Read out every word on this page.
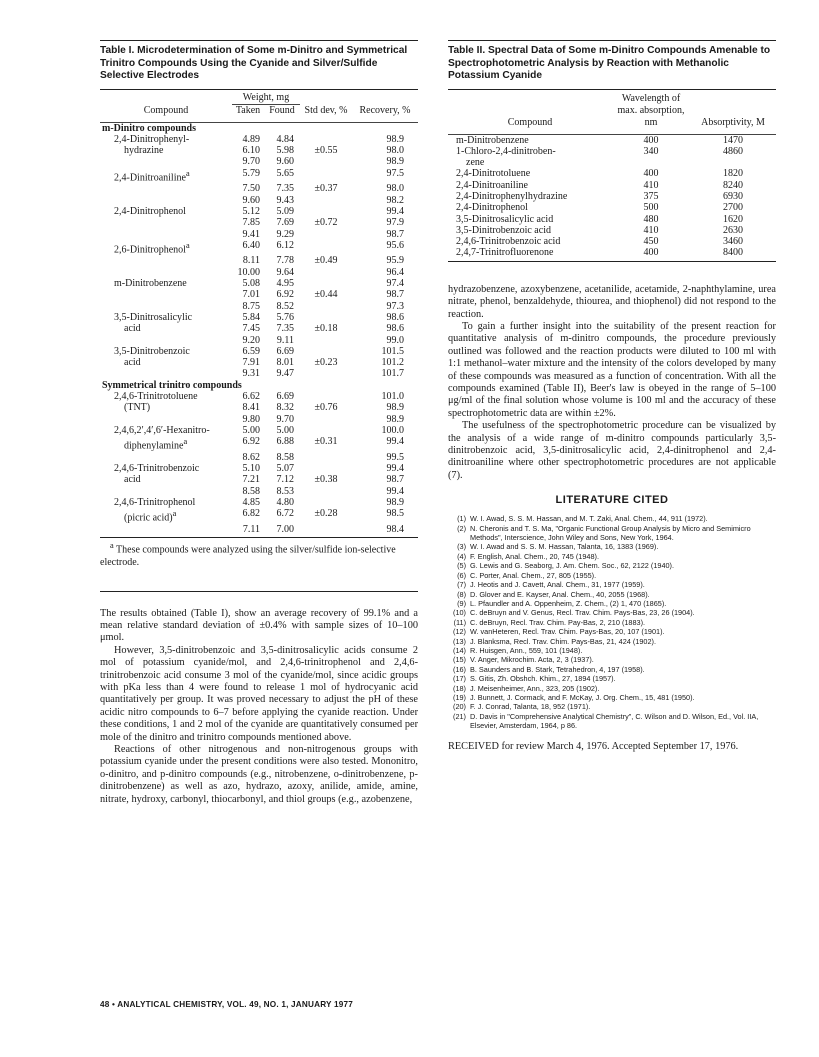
Table I. Microdetermination of Some m-Dinitro and Symmetrical Trinitro Compounds Using the Cyanide and Silver/Sulfide Selective Electrodes
	Weight, mg			
Compound	Taken	Found	Std dev, %	Recovery, %

m-Dinitro compounds				
2,4-Dinitrophenyl-	4.89	4.84		98.9
hydrazine	6.10	5.98	±0.55	98.0
	9.70	9.60		98.9
2,4-Dinitroaniline$^a$	5.79	5.65		97.5
	7.50	7.35	±0.37	98.0
	9.60	9.43		98.2
2,4-Dinitrophenol	5.12	5.09		99.4
	7.85	7.69	±0.72	97.9
	9.41	9.29		98.7
2,6-Dinitrophenol$^a$	6.40	6.12		95.6
	8.11	7.78	±0.49	95.9
	10.00	9.64		96.4
m-Dinitrobenzene	5.08	4.95		97.4
	7.01	6.92	±0.44	98.7
	8.75	8.52		97.3
3,5-Dinitrosalicylic	5.84	5.76		98.6
acid	7.45	7.35	±0.18	98.6
	9.20	9.11		99.0
3,5-Dinitrobenzoic	6.59	6.69		101.5
acid	7.91	8.01	±0.23	101.2
	9.31	9.47		101.7
Symmetrical trinitro compounds				
2,4,6-Trinitrotoluene	6.62	6.69		101.0
(TNT)	8.41	8.32	±0.76	98.9
	9.80	9.70		98.9
2,4,6,2′,4′,6′-Hexanitro-	5.00	5.00		100.0
diphenylamine$^a$	6.92	6.88	±0.31	99.4
	8.62	8.58		99.5
2,4,6-Trinitrobenzoic	5.10	5.07		99.4
acid	7.21	7.12	±0.38	98.7
	8.58	8.53		99.4
2,4,6-Trinitrophenol	4.85	4.80		98.9
(picric acid)$^a$	6.82	6.72	±0.28	98.5
	7.11	7.00		98.4
$^a$ These compounds were analyzed using the silver/sulfide ion-selective electrode.

The results obtained (Table I), show an average recovery of 99.1% and a mean relative standard deviation of ±0.4% with sample sizes of 10–100 μmol.

However, 3,5-dinitrobenzoic and 3,5-dinitrosalicylic acids consume 2 mol of potassium cyanide/mol, and 2,4,6-trinitrophenol and 2,4,6-trinitrobenzoic acid consume 3 mol of the cyanide/mol, since acidic groups with pKa less than 4 were found to release 1 mol of hydrocyanic acid quantitatively per group. It was proved necessary to adjust the pH of these acidic nitro compounds to 6–7 before applying the cyanide reaction. Under these conditions, 1 and 2 mol of the cyanide are quantitatively consumed per mole of the dinitro and trinitro compounds mentioned above.

Reactions of other nitrogenous and non-nitrogenous groups with potassium cyanide under the present conditions were also tested. Mononitro, o-dinitro, and p-dinitro compounds (e.g., nitrobenzene, o-dinitrobenzene, p-dinitrobenzene) as well as azo, hydrazo, azoxy, anilide, amide, amine, nitrate, hydroxy, carbonyl, thiocarbonyl, and thiol groups (e.g., azobenzene,

Table II. Spectral Data of Some m-Dinitro Compounds Amenable to Spectrophotometric Analysis by Reaction with Methanolic Potassium Cyanide
Compound	Wavelength of max. absorption, nm	Absorptivity, M

m-Dinitrobenzene	400	1470
1-Chloro-2,4-dinitroben-	340	4860
zene		
2,4-Dinitrotoluene	400	1820
2,4-Dinitroaniline	410	8240
2,4-Dinitrophenylhydrazine	375	6930
2,4-Dinitrophenol	500	2700
3,5-Dinitrosalicylic acid	480	1620
3,5-Dinitrobenzoic acid	410	2630
2,4,6-Trinitrobenzoic acid	450	3460
2,4,7-Trinitrofluorenone	400	8400

hydrazobenzene, azoxybenzene, acetanilide, acetamide, 2-naphthylamine, urea nitrate, phenol, benzaldehyde, thiourea, and thiophenol) did not respond to the reaction.

To gain a further insight into the suitability of the present reaction for quantitative analysis of m-dinitro compounds, the procedure previously outlined was followed and the reaction products were diluted to 100 ml with 1:1 methanol–water mixture and the intensity of the colors developed by many of these compounds was measured as a function of concentration. With all the compounds examined (Table II), Beer's law is obeyed in the range of 5–100 μg/ml of the final solution whose volume is 100 ml and the accuracy of these spectrophotometric data are within ±2%.

The usefulness of the spectrophotometric procedure can be visualized by the analysis of a wide range of m-dinitro compounds particularly 3,5-dinitrobenzoic acid, 3,5-dinitrosalicylic acid, 2,4-dinitrophenol and 2,4-dinitroaniline where other spectrophotometric procedures are not applicable (7).

LITERATURE CITED
(1) W. I. Awad, S. S. M. Hassan, and M. T. Zaki, Anal. Chem., 44, 911 (1972).
(2) N. Cheronis and T. S. Ma, "Organic Functional Group Analysis by Micro and Semimicro Methods", Interscience, John Wiley and Sons, New York, 1964.
(3) W. I. Awad and S. S. M. Hassan, Talanta, 16, 1383 (1969).
(4) F. English, Anal. Chem., 20, 745 (1948).
(5) G. Lewis and G. Seaborg, J. Am. Chem. Soc., 62, 2122 (1940).
(6) C. Porter, Anal. Chem., 27, 805 (1955).
(7) J. Heotis and J. Cavett, Anal. Chem., 31, 1977 (1959).
(8) D. Glover and E. Kayser, Anal. Chem., 40, 2055 (1968).
(9) L. Pfaundler and A. Oppenheim, Z. Chem., (2) 1, 470 (1865).
(10) C. deBruyn and V. Genus, Recl. Trav. Chim. Pays-Bas, 23, 26 (1904).
(11) C. deBruyn, Recl. Trav. Chim. Pay-Bas, 2, 210 (1883).
(12) W. vanHeteren, Recl. Trav. Chim. Pays-Bas, 20, 107 (1901).
(13) J. Blanksma, Recl. Trav. Chim. Pays-Bas, 21, 424 (1902).
(14) R. Huisgen, Ann., 559, 101 (1948).
(15) V. Anger, Mikrochim. Acta, 2, 3 (1937).
(16) B. Saunders and B. Stark, Tetrahedron, 4, 197 (1958).
(17) S. Gitis, Zh. Obshch. Khim., 27, 1894 (1957).
(18) J. Meisenheimer, Ann., 323, 205 (1902).
(19) J. Bunnett, J. Cormack, and F. McKay, J. Org. Chem., 15, 481 (1950).
(20) F. J. Conrad, Talanta, 18, 952 (1971).
(21) D. Davis in "Comprehensive Analytical Chemistry", C. Wilson and D. Wilson, Ed., Vol. IIA, Elsevier, Amsterdam, 1964, p 86.
RECEIVED for review March 4, 1976. Accepted September 17, 1976.
48 • ANALYTICAL CHEMISTRY, VOL. 49, NO. 1, JANUARY 1977
